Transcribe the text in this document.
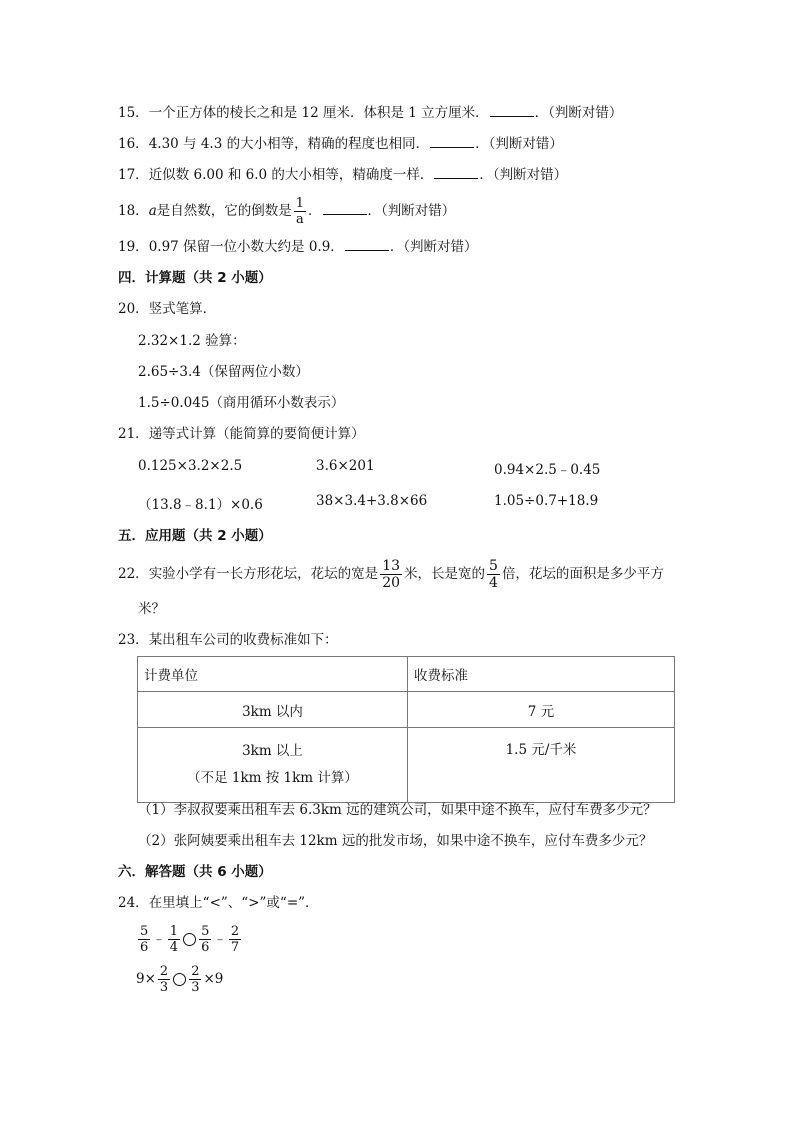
15．一个正方体的棱长之和是 12 厘米．体积是 1 立方厘米．	．（判断对错）
16．4.30 与 4.3 的大小相等，精确的程度也相同．	．（判断对错）
17．近似数 6.00 和 6.0 的大小相等，精确度一样．	．（判断对错）
18．a是自然数，它的倒数是 $\frac{1}{a}$ ．	．（判断对错）
19．0.97 保留一位小数大约是 0.9．	．（判断对错）
四．计算题（共 2 小题）
20．竖式笔算．
2.32×1.2 验算：
2.65÷3.4（保留两位小数）
1.5÷0.045（商用循环小数表示）
21．递等式计算（能简算的要简便计算）
0.125×3.2×2.5	3.6×201	0.94×2.5﹣0.45
（13.8﹣8.1）×0.6	38×3.4+3.8×66	1.05÷0.7+18.9
五．应用题（共 2 小题）
22．实验小学有一长方形花坛，花坛的宽是 $\frac{13}{20}$ 米，长是宽的 $\frac{5}{4}$ 倍，花坛的面积是多少平方
米？
23．某出租车公司的收费标准如下：
计费单位	收费标准
3km 以内	7 元

3km 以上
（不足 1km 按 1km 计算）	1.5 元/千米
（1）李叔叔要乘出租车去 6.3km 远的建筑公司，如果中途不换车，应付车费多少元？
（2）张阿姨要乘出租车去 12km 远的批发市场，如果中途不换车，应付车费多少元？
六．解答题（共 6 小题）
24．在里填上“<”、“>”或“=”．
$\frac{5}{6}$ ﹣ $\frac{1}{4} \frac{5}{6}$ ﹣ $\frac{2}{7}$
$9\times \frac{2}{3} \frac{2}{3} \times 9$
